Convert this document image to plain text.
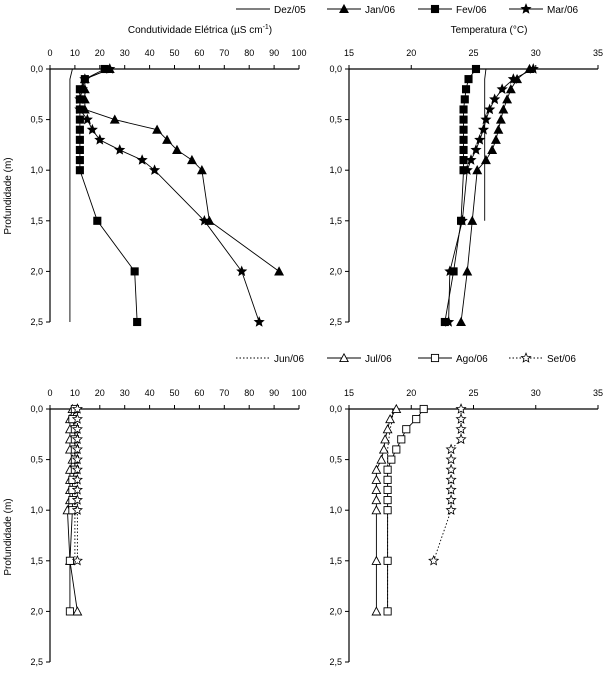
Condutividade Elétrica (µS $cm^{-1}$)	Temperatura (°C)
Profundidade (m)
Profundidade (m)
0 10 20 30 40 50 60 70 80 90 100
0,0
0,5
1,0
1,5
2,0
2,5
15	20	25	30	35
0,0
0,5
1,0
1,5
2,0
2,5
0 10 20 30 40 50 60 70 80 90 100
0,0
0,5
1,0
1,5
2,0
2,5
15	20	25	30	35
0,0
0,5
1,0
1,5
2,0
2,5
Dez/05	Jan/06	Fev/06	Mar/06
Jun/06	Jul/06	Ago/06	Set/06
